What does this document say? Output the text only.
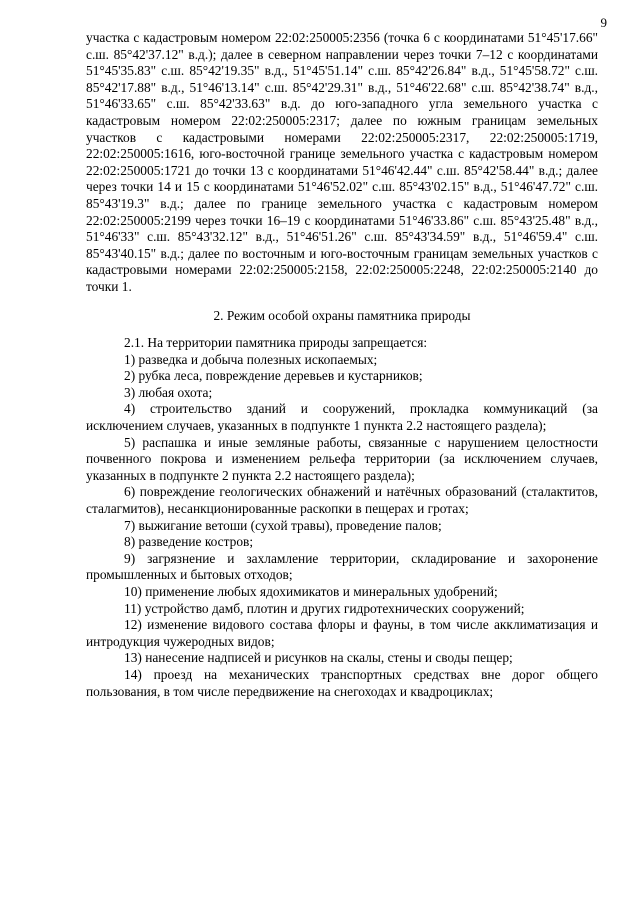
9

участка с кадастровым номером 22:02:250005:2356 (точка 6 с координатами 51°45'17.66" с.ш. 85°42'37.12" в.д.); далее в северном направлении через точки 7–12 с координатами 51°45'35.83" с.ш. 85°42'19.35" в.д., 51°45'51.14" с.ш. 85°42'26.84" в.д., 51°45'58.72" с.ш. 85°42'17.88" в.д., 51°46'13.14" с.ш. 85°42'29.31" в.д., 51°46'22.68" с.ш. 85°42'38.74" в.д., 51°46'33.65" с.ш. 85°42'33.63" в.д. до юго-западного угла земельного участка с кадастровым номером 22:02:250005:2317; далее по южным границам земельных участков с кадастровыми номерами 22:02:250005:2317, 22:02:250005:1719, 22:02:250005:1616, юго-восточной границе земельного участка с кадастровым номером 22:02:250005:1721 до точки 13 с координатами 51°46'42.44" с.ш. 85°42'58.44" в.д.; далее через точки 14 и 15 с координатами 51°46'52.02" с.ш. 85°43'02.15" в.д., 51°46'47.72" с.ш. 85°43'19.3" в.д.; далее по границе земельного участка с кадастровым номером 22:02:250005:2199 через точки 16–19 с координатами 51°46'33.86" с.ш. 85°43'25.48" в.д., 51°46'33" с.ш. 85°43'32.12" в.д., 51°46'51.26" с.ш. 85°43'34.59" в.д., 51°46'59.4" с.ш. 85°43'40.15" в.д.; далее по восточным и юго-восточным границам земельных участков с кадастровыми номерами 22:02:250005:2158, 22:02:250005:2248, 22:02:250005:2140 до точки 1.

2. Режим особой охраны памятника природы

2.1. На территории памятника природы запрещается:

1) разведка и добыча полезных ископаемых;

2) рубка леса, повреждение деревьев и кустарников;

3) любая охота;

4) строительство зданий и сооружений, прокладка коммуникаций (за исключением случаев, указанных в подпункте 1 пункта 2.2 настоящего раздела);

5) распашка и иные земляные работы, связанные с нарушением целостности почвенного покрова и изменением рельефа территории (за исключением случаев, указанных в подпункте 2 пункта 2.2 настоящего раздела);

6) повреждение геологических обнажений и натёчных образований (сталактитов, сталагмитов), несанкционированные раскопки в пещерах и гротах;

7) выжигание ветоши (сухой травы), проведение палов;

8) разведение костров;

9) загрязнение и захламление территории, складирование и захоронение промышленных и бытовых отходов;

10) применение любых ядохимикатов и минеральных удобрений;

11) устройство дамб, плотин и других гидротехнических сооружений;

12) изменение видового состава флоры и фауны, в том числе акклиматизация и интродукция чужеродных видов;

13) нанесение надписей и рисунков на скалы, стены и своды пещер;

14) проезд на механических транспортных средствах вне дорог общего пользования, в том числе передвижение на снегоходах и квадроциклах;
